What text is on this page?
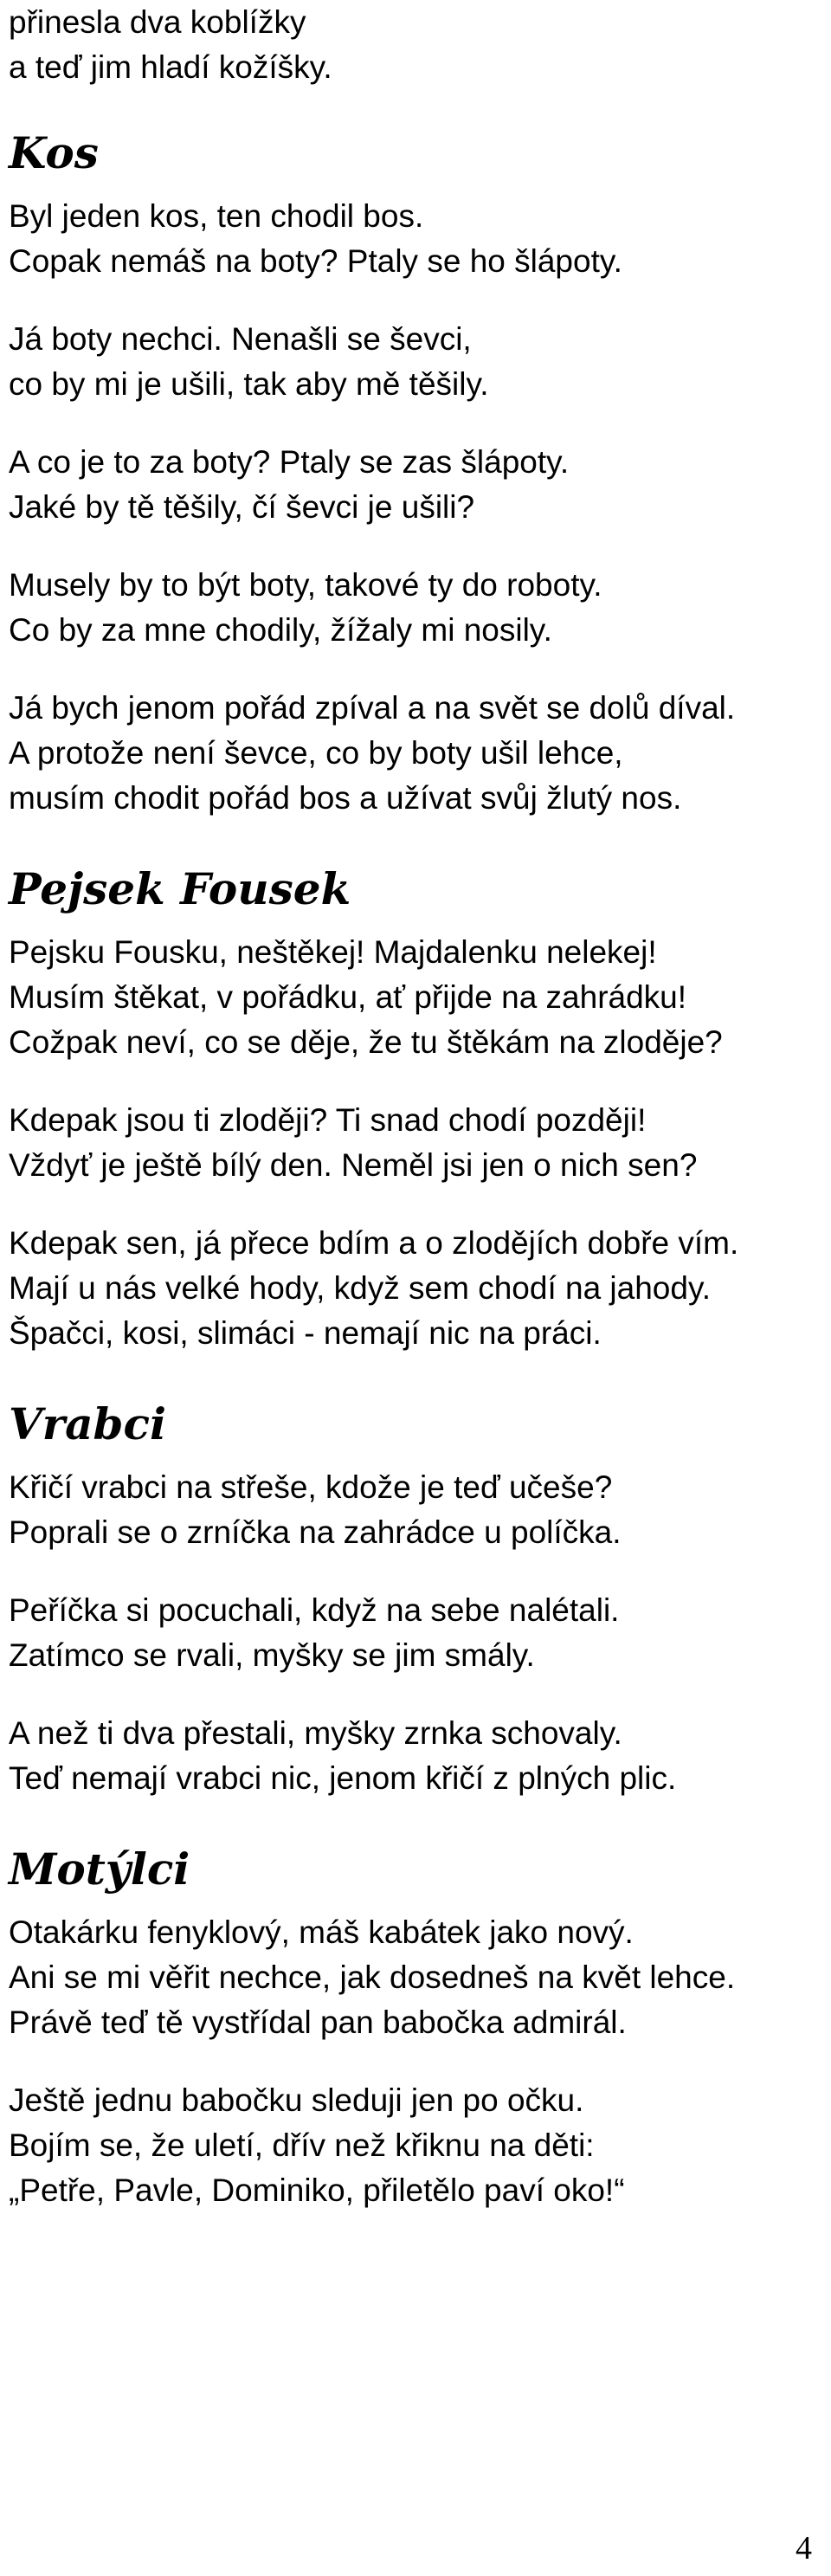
přinesla dva koblížky

a teď jim hladí kožíšky.

Kos

Byl jeden kos, ten chodil bos.

Copak nemáš na boty? Ptaly se ho šlápoty.

Já boty nechci. Nenašli se ševci,

co by mi je ušili, tak aby mě těšily.

A co je to za boty? Ptaly se zas šlápoty.

Jaké by tě těšily, čí ševci je ušili?

Musely by to být boty, takové ty do roboty.

Co by za mne chodily, žížaly mi nosily.

Já bych jenom pořád zpíval a na svět se dolů díval.

A protože není ševce, co by boty ušil lehce,

musím chodit pořád bos a užívat svůj žlutý nos.

Pejsek Fousek

Pejsku Fousku, neštěkej! Majdalenku nelekej!

Musím štěkat, v pořádku, ať přijde na zahrádku!

Cožpak neví, co se děje, že tu štěkám na zloděje?

Kdepak jsou ti zloději? Ti snad chodí později!

Vždyť je ještě bílý den. Neměl jsi jen o nich sen?

Kdepak sen, já přece bdím a o zlodějích dobře vím.

Mají u nás velké hody, když sem chodí na jahody.

Špačci, kosi, slimáci - nemají nic na práci.

Vrabci

Křičí vrabci na střeše, kdože je teď učeše?

Poprali se o zrníčka na zahrádce u políčka.

Peříčka si pocuchali, když na sebe nalétali.

Zatímco se rvali, myšky se jim smály.

A než ti dva přestali, myšky zrnka schovaly.

Teď nemají vrabci nic, jenom křičí z plných plic.

Motýlci

Otakárku fenyklový, máš kabátek jako nový.

Ani se mi věřit nechce, jak dosedneš na květ lehce.

Právě teď tě vystřídal pan babočka admirál.

Ještě jednu babočku sleduji jen po očku.

Bojím se, že uletí, dřív než křiknu na děti:

„Petře, Pavle, Dominiko, přiletělo paví oko!“

4
